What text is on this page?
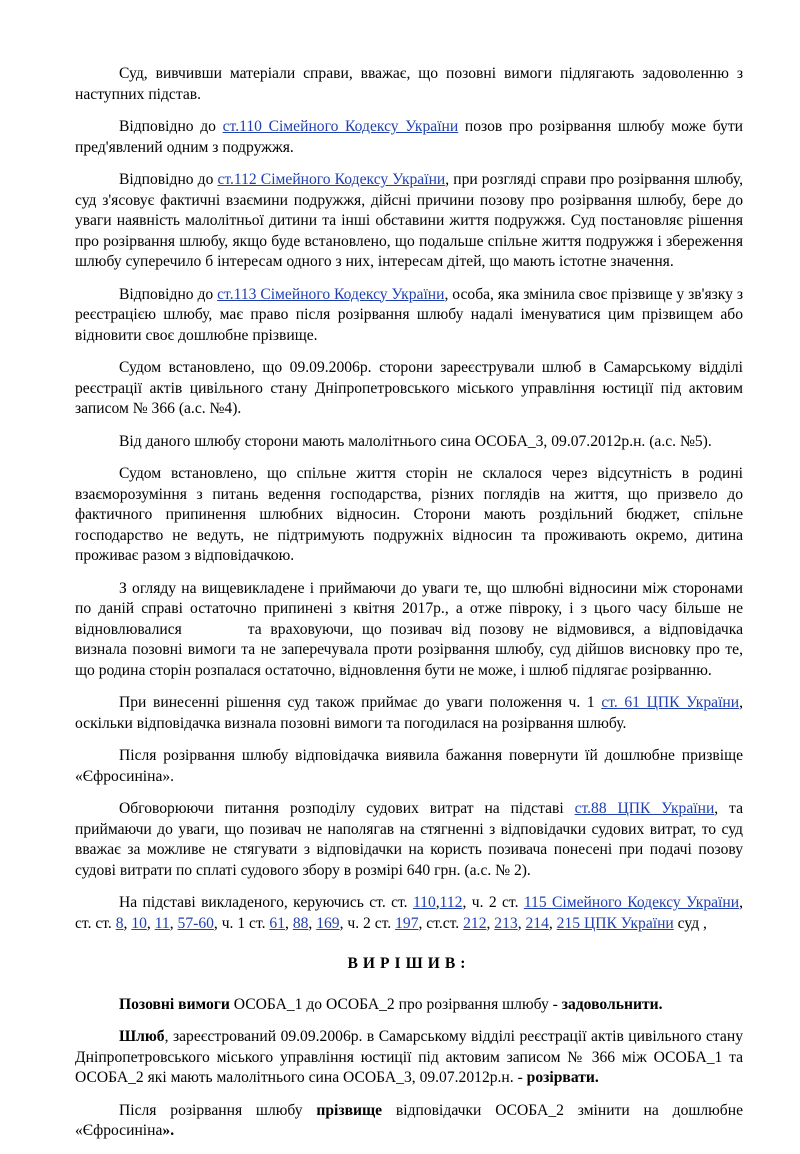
Суд, вивчивши матеріали справи, вважає, що позовні вимоги підлягають задоволенню з наступних підстав.

Відповідно до ст.110 Сімейного Кодексу України позов про розірвання шлюбу може бути пред'явлений одним з подружжя.

Відповідно до ст.112 Сімейного Кодексу України, при розгляді справи про розірвання шлюбу, суд з'ясовує фактичні взаємини подружжя, дійсні причини позову про розірвання шлюбу, бере до уваги наявність малолітньої дитини та інші обставини життя подружжя. Суд постановляє рішення про розірвання шлюбу, якщо буде встановлено, що подальше спільне життя подружжя і збереження шлюбу суперечило б інтересам одного з них, інтересам дітей, що мають істотне значення.

Відповідно до ст.113 Сімейного Кодексу України, особа, яка змінила своє прізвище у зв'язку з реєстрацією шлюбу, має право після розірвання шлюбу надалі іменуватися цим прізвищем або відновити своє дошлюбне прізвище.

Судом встановлено, що 09.09.2006р. сторони зареєстрували шлюб в Самарському відділі реєстрації актів цивільного стану Дніпропетровського міського управління юстиції під актовим записом № 366 (а.с. №4).

Від даного шлюбу сторони мають малолітнього сина ОСОБА_3, 09.07.2012р.н. (а.с. №5).

Судом встановлено, що спільне життя сторін не склалося через відсутність в родині взаєморозуміння з питань ведення господарства, різних поглядів на життя, що призвело до фактичного припинення шлюбних відносин. Сторони мають роздільний бюджет, спільне господарство не ведуть, не підтримують подружніх відносин та проживають окремо, дитина проживає разом з відповідачкою.

З огляду на вищевикладене і приймаючи до уваги те, що шлюбні відносини між сторонами по даній справі остаточно припинені з квітня 2017р., а отже півроку, і з цього часу більше не відновлювалися	та враховуючи, що позивач від позову не відмовився, а відповідачка визнала позовні вимоги та не заперечувала проти розірвання шлюбу, суд дійшов висновку про те, що родина сторін розпалася остаточно, відновлення бути не може, і шлюб підлягає розірванню.

При винесенні рішення суд також приймає до уваги положення ч. 1 ст. 61 ЦПК України, оскільки відповідачка визнала позовні вимоги та погодилася на розірвання шлюбу.

Після розірвання шлюбу відповідачка виявила бажання повернути їй дошлюбне призвіще «Єфросиніна».

Обговорюючи питання розподілу судових витрат на підставі ст.88 ЦПК України, та приймаючи до уваги, що позивач не наполягав на стягненні з відповідачки судових витрат, то суд вважає за можливе не стягувати з відповідачки на користь позивача понесені при подачі позову судові витрати по сплаті судового збору в розмірі 640 грн. (а.с. № 2).

На підставі викладеного, керуючись ст. ст. 110,112, ч. 2 ст. 115 Сімейного Кодексу України, ст. ст. 8, 10, 11, 57-60, ч. 1 ст. 61, 88, 169, ч. 2 ст. 197, ст.ст. 212, 213, 214, 215 ЦПК України суд ,

ВИРІШИВ:

Позовні вимоги ОСОБА_1 до ОСОБА_2 про розірвання шлюбу - задовольнити.

Шлюб, зареєстрований 09.09.2006р. в Самарському відділі реєстрації актів цивільного стану Дніпропетровського міського управління юстиції під актовим записом № 366 між ОСОБА_1 та ОСОБА_2 які мають малолітнього сина ОСОБА_3, 09.07.2012р.н. - розірвати.

Після розірвання шлюбу прізвище відповідачки ОСОБА_2 змінити на дошлюбне «Єфросиніна».
